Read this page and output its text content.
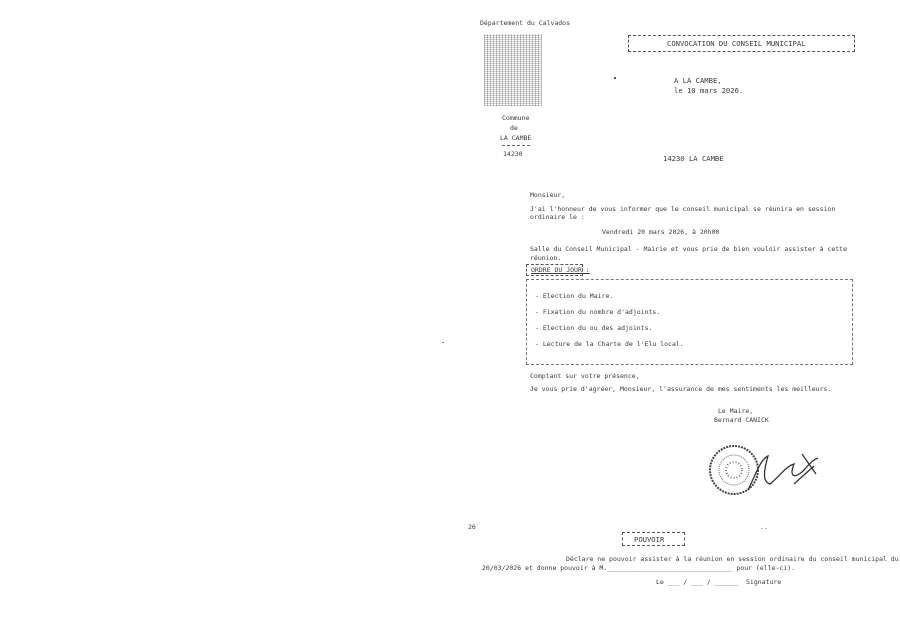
Département du Calvados
Commune
de
LA CAMBE
14230
CONVOCATION DU CONSEIL MUNICIPAL
A LA CAMBE,
le 10 mars 2026.
14230 LA CAMBE
Monsieur,
J'ai l'honneur de vous informer que le conseil municipal se réunira en session
ordinaire le :
Vendredi 20 mars 2026, à 20h00
Salle du Conseil Municipal - Mairie et vous prie de bien vouloir assister à cette
réunion.
ORDRE DU JOUR :
- Election du Maire.
- Fixation du nombre d'adjoints.
- Election du ou des adjoints.
- Lecture de la Charte de l'Elu local.
Comptant sur votre présence,
Je vous prie d'agréer, Monsieur, l'assurance de mes sentiments les meilleurs.
Le Maire,
Bernard CANICK
26	..
POUVOIR
Déclare ne pouvoir assister à la réunion en session ordinaire du conseil municipal du
20/03/2026 et donne pouvoir à M.________________________________ pour (elle-ci).
Le ___ / ___ / ______ Signature
